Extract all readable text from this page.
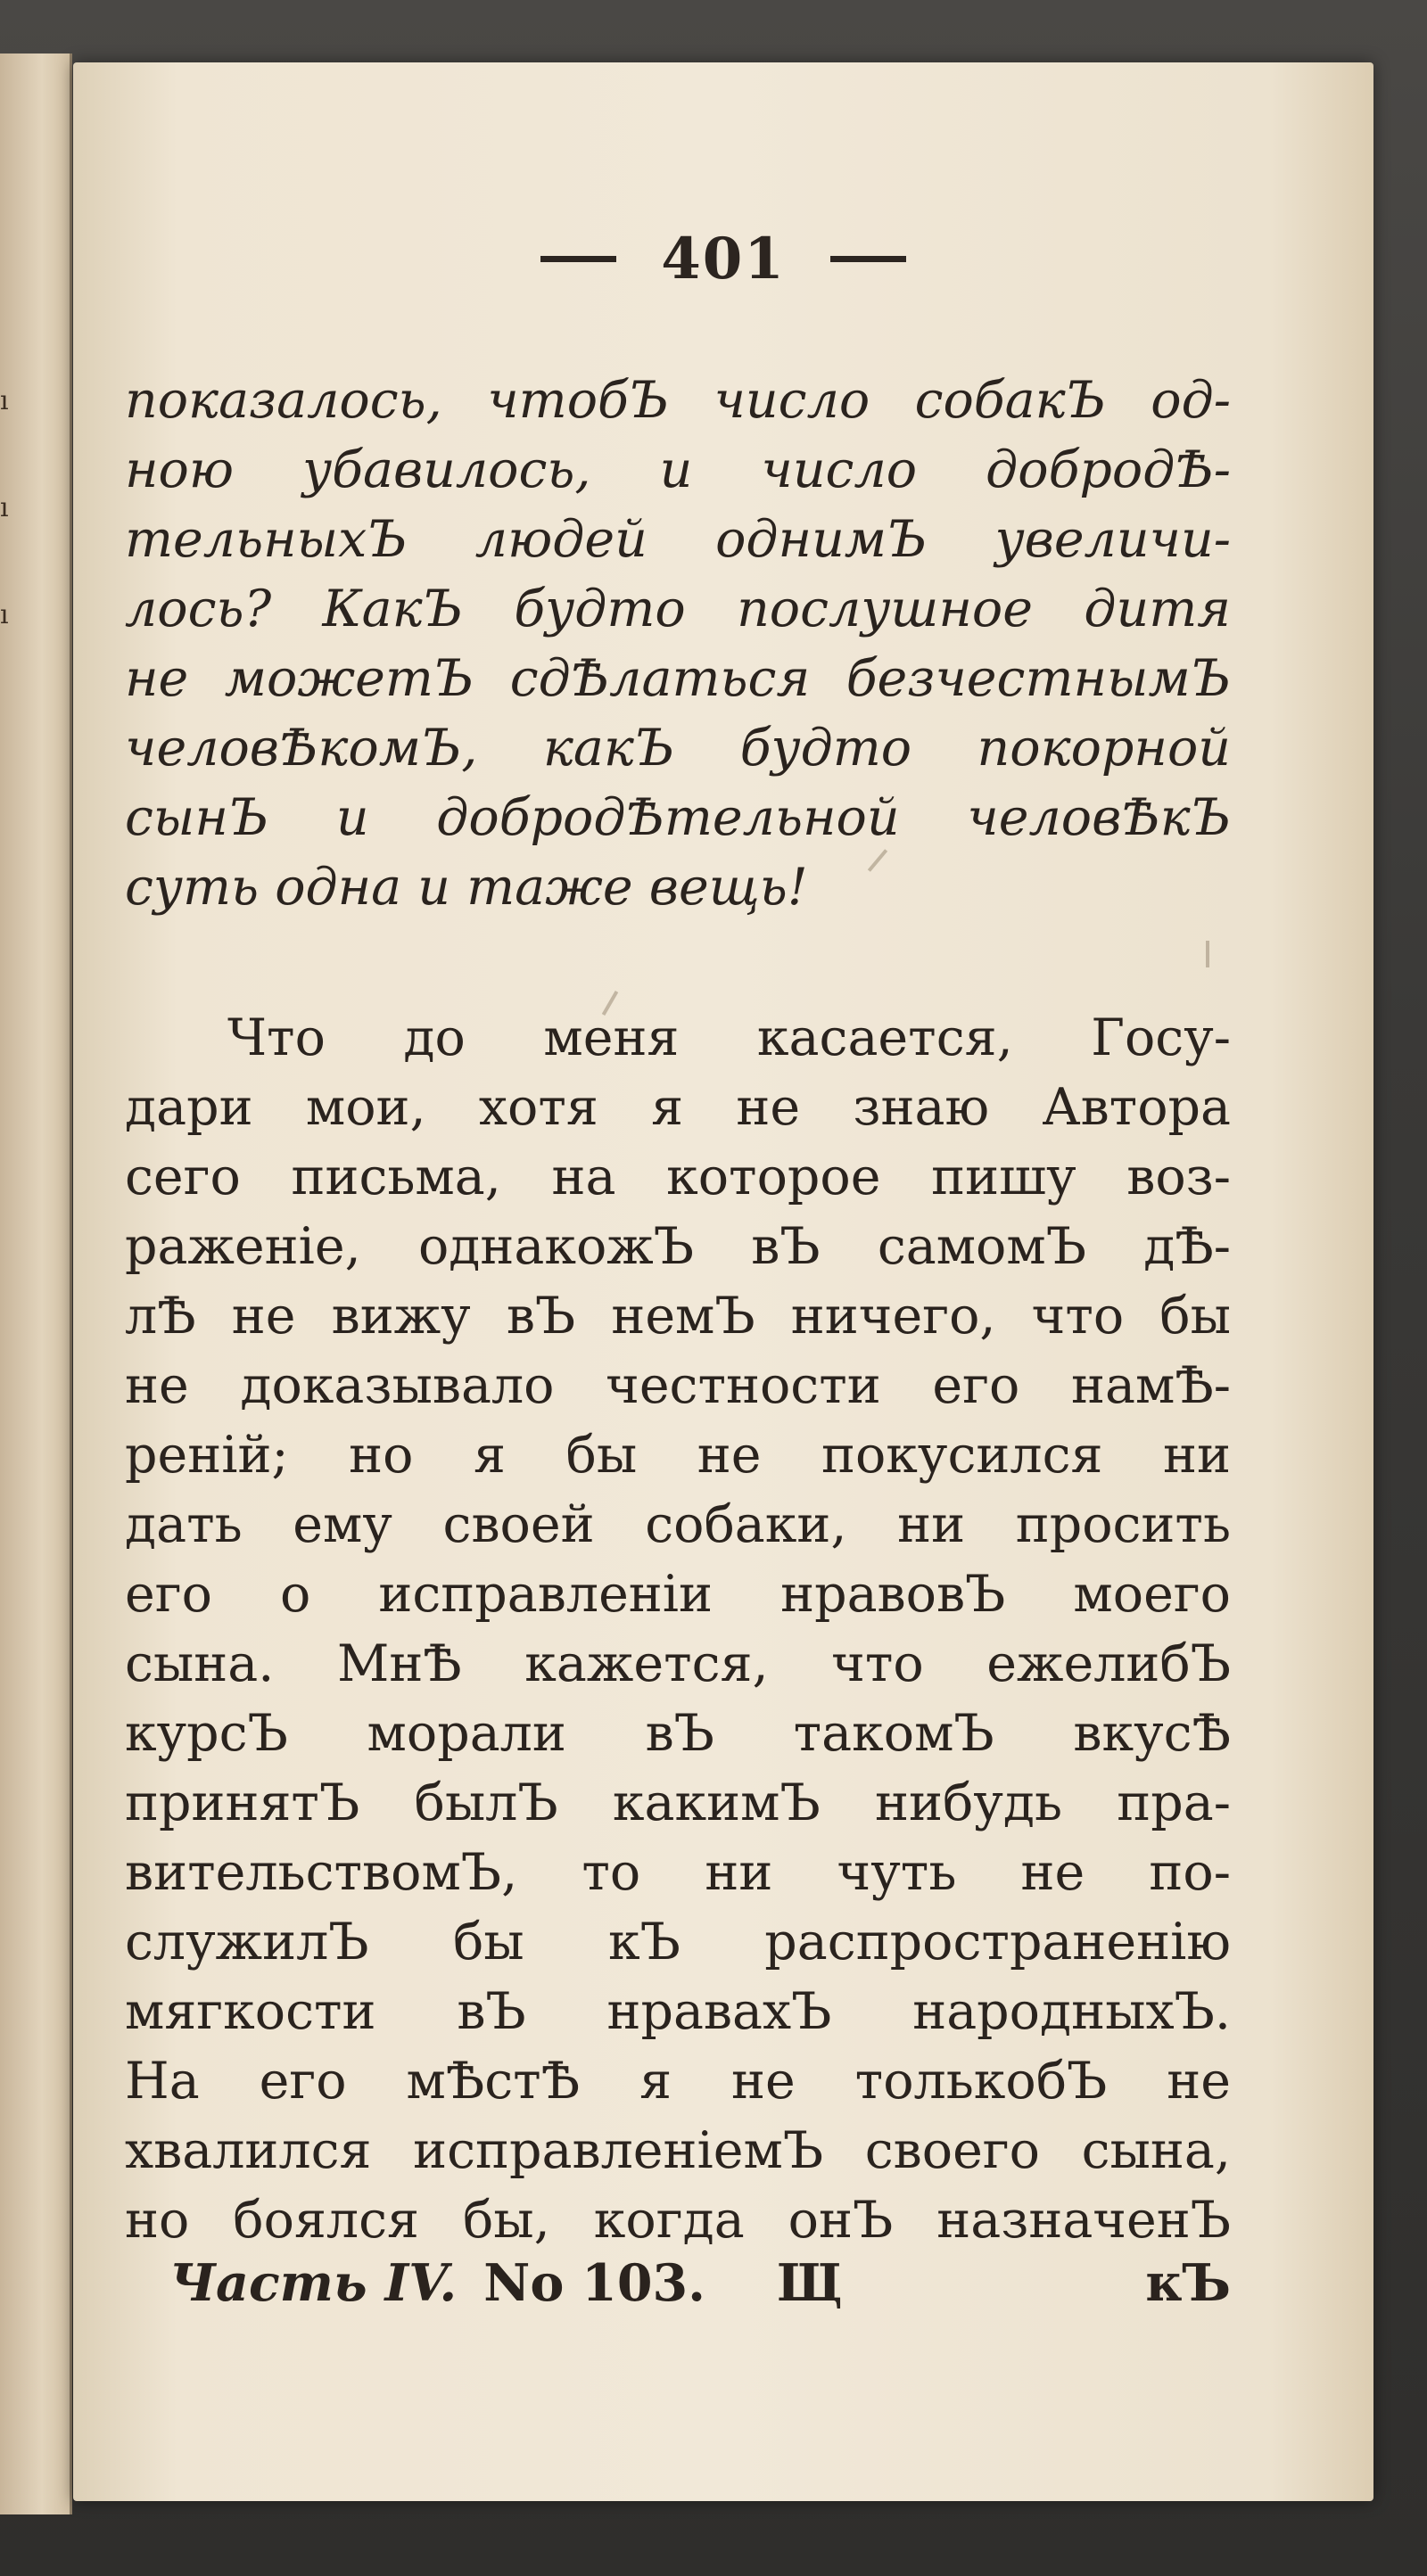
ı
ı
ı
401
показалось, чтобЪ число собакЪ од-
ною убавилось, и число добродѢ-
тельныхЪ людей однимЪ увеличи-
лось? КакЪ будто послушное дитя
не можетЪ сдѢлаться безчестнымЪ
человѢкомЪ, какЪ будто покорной
сынЪ и добродѢтельной человѢкЪ
суть одна и таже вещь!
Что до меня касается, Госу-
дари мои, хотя я не знаю Автора
сего письма, на которое пишу воз-
раженіе, однакожЪ вЪ самомЪ дѢ-
лѢ не вижу вЪ немЪ ничего, что бы
не доказывало честности его намѢ-
реній; но я бы не покусился ни
дать ему своей собаки, ни просить
его о исправленіи нравовЪ моего
сына. МнѢ кажется, что ежелибЪ
курсЪ морали вЪ такомЪ вкусѢ
принятЪ былЪ какимЪ нибудь пра-
вительствомЪ, то ни чуть не по-
служилЪ бы кЪ распространенію
мягкости вЪ нравахЪ народныхЪ.
На его мѢстѢ я не толькобЪ не
хвалился исправленіемЪ своего сына,
но боялся бы, когда онЪ назначенЪ
Часть IV. No 103. Щ	кЪ
